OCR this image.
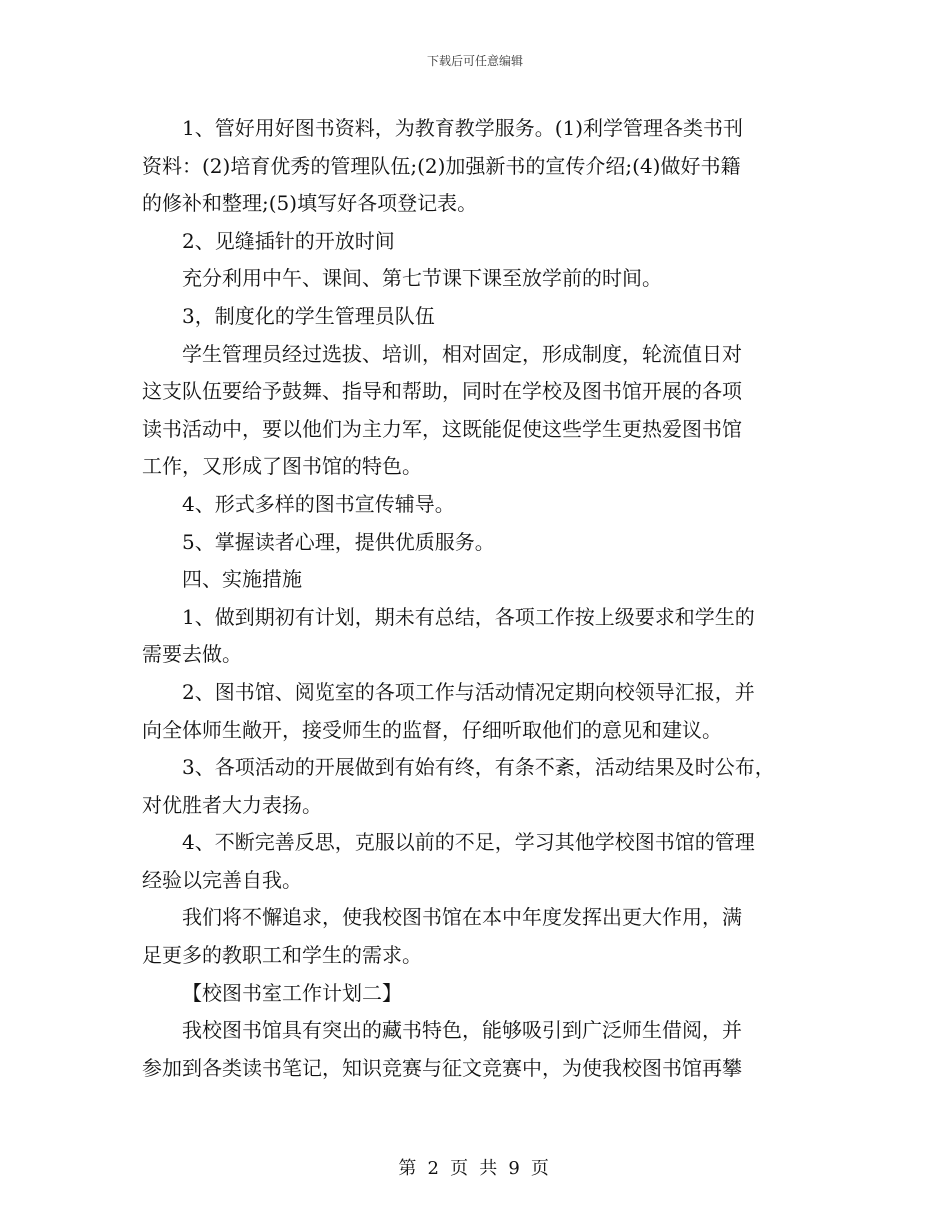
下载后可任意编辑

1、管好用好图书资料，为教育教学服务。(1)利学管理各类书刊
资料：(2)培育优秀的管理队伍;(2)加强新书的宣传介绍;(4)做好书籍
的修补和整理;(5)填写好各项登记表。

2、见缝插针的开放时间

充分利用中午、课间、第七节课下课至放学前的时间。

3，制度化的学生管理员队伍

学生管理员经过选拔、培训，相对固定，形成制度，轮流值日对
这支队伍要给予鼓舞、指导和帮助，同时在学校及图书馆开展的各项
读书活动中，要以他们为主力军，这既能促使这些学生更热爱图书馆
工作，又形成了图书馆的特色。

4、形式多样的图书宣传辅导。

5、掌握读者心理，提供优质服务。

四、实施措施

1、做到期初有计划，期未有总结，各项工作按上级要求和学生的
需要去做。

2、图书馆、阅览室的各项工作与活动情况定期向校领导汇报，并
向全体师生敞开，接受师生的监督，仔细听取他们的意见和建议。

3、各项活动的开展做到有始有终，有条不紊，活动结果及时公布，
对优胜者大力表扬。

4、不断完善反思，克服以前的不足，学习其他学校图书馆的管理
经验以完善自我。

我们将不懈追求，使我校图书馆在本中年度发挥出更大作用，满
足更多的教职工和学生的需求。

【校图书室工作计划二】

我校图书馆具有突出的藏书特色，能够吸引到广泛师生借阅，并
参加到各类读书笔记，知识竞赛与征文竞赛中，为使我校图书馆再攀

第 2 页 共 9 页
